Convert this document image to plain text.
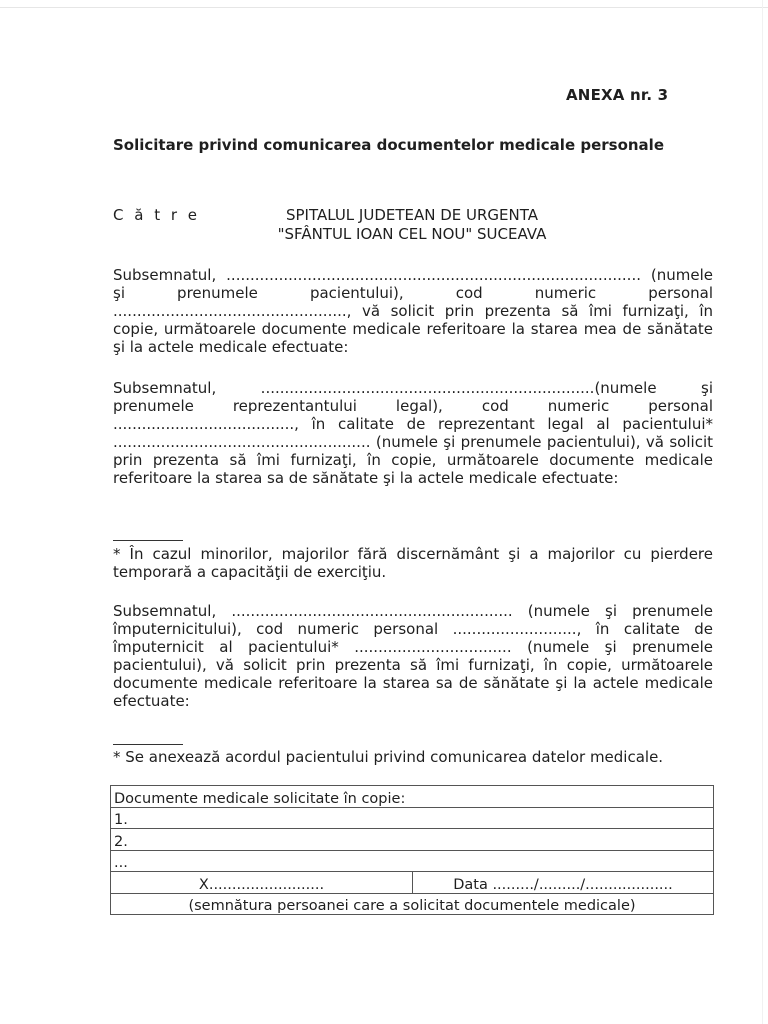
ANEXA nr. 3
Solicitare privind comunicarea documentelor medicale personale
C ă t r e	SPITALUL JUDETEAN DE URGENTA
"SFÂNTUL IOAN CEL NOU" SUCEAVA
Subsemnatul, ....................................................................................... (numele şi prenumele pacientului), cod numeric personal ................................................., vă solicit prin prezenta să îmi furnizaţi, în copie, următoarele documente medicale referitoare la starea mea de sănătate şi la actele medicale efectuate:
Subsemnatul, ......................................................................(numele şi prenumele reprezentantului legal), cod numeric personal ......................................, în calitate de reprezentant legal al pacientului* ...................................................... (numele şi prenumele pacientului), vă solicit prin prezenta să îmi furnizaţi, în copie, următoarele documente medicale referitoare la starea sa de sănătate şi la actele medicale efectuate:
* În cazul minorilor, majorilor fără discernământ şi a majorilor cu pierdere temporară a capacităţii de exerciţiu.
Subsemnatul, ........................................................... (numele şi prenumele împuternicitului), cod numeric personal .........................., în calitate de împuternicit al pacientului* ................................. (numele şi prenumele pacientului), vă solicit prin prezenta să îmi furnizaţi, în copie, următoarele documente medicale referitoare la starea sa de sănătate şi la actele medicale efectuate:
* Se anexează acordul pacientului privind comunicarea datelor medicale.
Documente medicale solicitate în copie:
1.
2.
...
X.........................	Data ........./........./...................
(semnătura persoanei care a solicitat documentele medicale)
